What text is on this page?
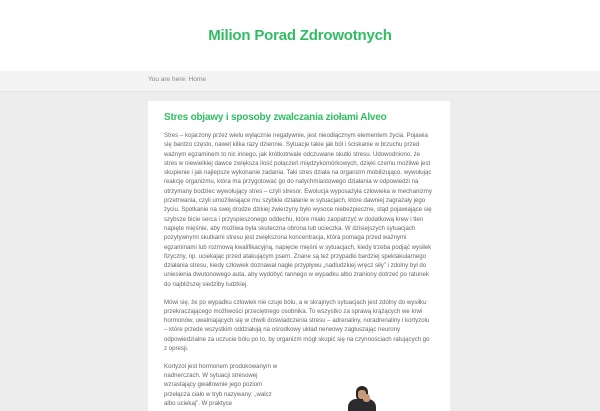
Milion Porad Zdrowotnych
You are here: Home
Stres objawy i sposoby zwalczania ziołami Alveo

Stres – kojarzony przez wielu wyłącznie negatywnie, jest nieodłącznym elementem życia. Pojawia się bardzo często, nawet kilka razy dziennie. Sytuacje takie jak ból i ściskanie w brzuchu przed ważnym egzaminem to nic innego, jak krótkotrwale odczuwane skutki stresu. Udowodniono, że stres w niewielkiej dawce zwiększa ilość połączeń międzykomórkowych, dzięki czemu możliwe jest skupienie i jak najlepsze wykonanie zadania. Taki stres działa na organizm mobilizująco, wywołując reakcję organizmu, która ma przygotować go do natychmiastowego działania w odpowiedzi na otrzymany bodziec wywołujący stres – czyli stresor. Ewolucja wyposażyła człowieka w mechanizmy przetrwania, czyli umożliwiające mu szybkie działanie w sytuacjach, które dawniej zagrażały jego życiu. Spotkanie na swej drodze dzikiej zwierzyny było wysoce niebezpieczne, stąd pojawiające się szybsze bicie serca i przyspieszonego oddechu, które miało zaopatrzyć w dodatkową krew i tlen napięte mięśnie, aby możliwa była skuteczna obrona lub ucieczka. W dzisiejszych sytuacjach pozytywnymi skutkami stresu jest zwiększona koncentracja, która pomaga przed ważnymi egzaminami lub rozmową kwalifikacyjną, napięcie mięśni w sytuacjach, kiedy trzeba podjąć wysiłek fizyczny, np. uciekając przed atakującym psem. Znane są też przypadki bardziej spektakularnego działania stresu, kiedy człowiek doznawał nagłe przypływu „nadludzkiej wręcz siły” i zdolny był do uniesienia dwutonowego auta, aby wydobyć rannego w wypadku albo zraniony dotrzeć po ratunek do najbliższej siedziby ludzkiej.

Mówi się, że po wypadku człowiek nie czuje bólu, a w skrajnych sytuacjach jest zdolny do wysiłku przekraczającego możliwości przeciętnego osobnika. To wszystko za sprawą krążących we krwi hormonów, uwalniających się w chwili doświadczenia stresu – adrenaliny, noradrenaliny i kortyzolu – które przede wszystkim oddziałują na ośrodkowy układ nerwowy zagłuszając neurony odpowiedzialne za uczucie bólu po to, by organizm mógł skupić się na czynnościach ratujących go z opresji.

Kortyzol jest hormonem produkowanym w nadnerczach. W sytuacji stresowej wzrastający gwałtownie jego poziom przełącza ciało w tryb nazywany: „walcz albo uciekaj”. W praktyce
